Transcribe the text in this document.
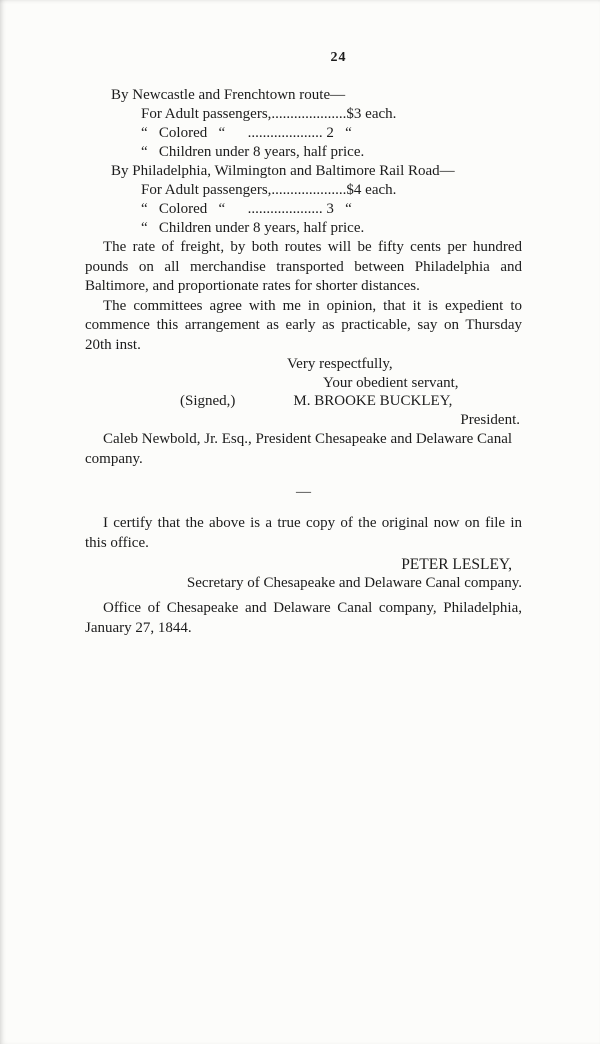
24
By Newcastle and Frenchtown route—
For Adult passengers,....................$3 each.
“   Colored   “      .................... 2   “
“   Children under 8 years, half price.
By Philadelphia, Wilmington and Baltimore Rail Road—
For Adult passengers,....................$4 each.
“   Colored   “      .................... 3   “
“   Children under 8 years, half price.

The rate of freight, by both routes will be fifty cents per hundred pounds on all merchandise transported between Philadelphia and Baltimore, and proportionate rates for shorter distances.

The committees agree with me in opinion, that it is expedient to commence this arrangement as early as practicable, say on Thursday 20th inst.

Very respectfully,
Your obedient servant,
(Signed,)	M. BROOKE BUCKLEY,
President.

Caleb Newbold, Jr. Esq., President Chesapeake and Delaware Canal company.

—

I certify that the above is a true copy of the original now on file in this office.

PETER LESLEY,
Secretary of Chesapeake and Delaware Canal company.

Office of Chesapeake and Delaware Canal company, Philadelphia, January 27, 1844.
